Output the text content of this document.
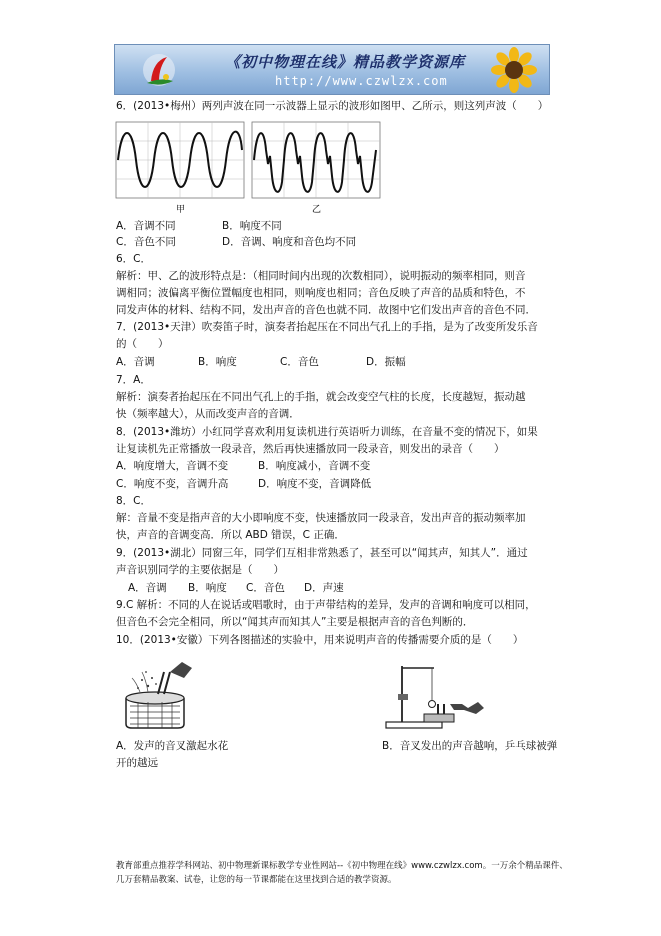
《初中物理在线》精品教学资源库
http://www.czwlzx.com
6．(2013•梅州）两列声波在同一示波器上显示的波形如图甲、乙所示，则这列声波（　　）
甲	乙
A．音调不同	B．响度不同
C．音色不同	D．音调、响度和音色均不同
6．C．
解析：甲、乙的波形特点是：（相同时间内出现的次数相同），说明振动的频率相同，则音
调相同；波偏离平衡位置幅度也相同，则响度也相同；音色反映了声音的品质和特色，不
同发声体的材料、结构不同，发出声音的音色也就不同．故图中它们发出声音的音色不同．
7．(2013•天津）吹奏笛子时，演奏者抬起压在不同出气孔上的手指，是为了改变所发乐音
的（　　）
A．音调	B．响度	C．音色	D．振幅
7．A．
解析：演奏者抬起压在不同出气孔上的手指，就会改变空气柱的长度，长度越短，振动越
快（频率越大），从而改变声音的音调．
8．(2013•潍坊）小红同学喜欢利用复读机进行英语听力训练，在音量不变的情况下，如果
让复读机先正常播放一段录音，然后再快速播放同一段录音，则发出的录音（　　）
A．响度增大，音调不变	B．响度减小，音调不变
C．响度不变，音调升高	D．响度不变，音调降低
8．C．
解：音量不变是指声音的大小即响度不变，快速播放同一段录音，发出声音的振动频率加
快，声音的音调变高．所以 ABD 错误，C 正确．
9．(2013•湖北）同窗三年，同学们互相非常熟悉了，甚至可以“闻其声，知其人”．通过
声音识别同学的主要依据是（　　）
A．音调 B．响度 C．音色 D．声速
9.C 解析：不同的人在说话或唱歌时，由于声带结构的差异，发声的音调和响度可以相同，
但音色不会完全相同，所以“闻其声而知其人”主要是根据声音的音色判断的．
10．(2013•安徽）下列各图描述的实验中，用来说明声音的传播需要介质的是（　　）
A．发声的音叉激起水花	B．音叉发出的声音越响，乒乓球被弹
开的越远
教育部重点推荐学科网站、初中物理新课标教学专业性网站--《初中物理在线》www.czwlzx.com。一万余个精品课件、几万套精品教案、试卷，让您的每一节课都能在这里找到合适的教学资源。
